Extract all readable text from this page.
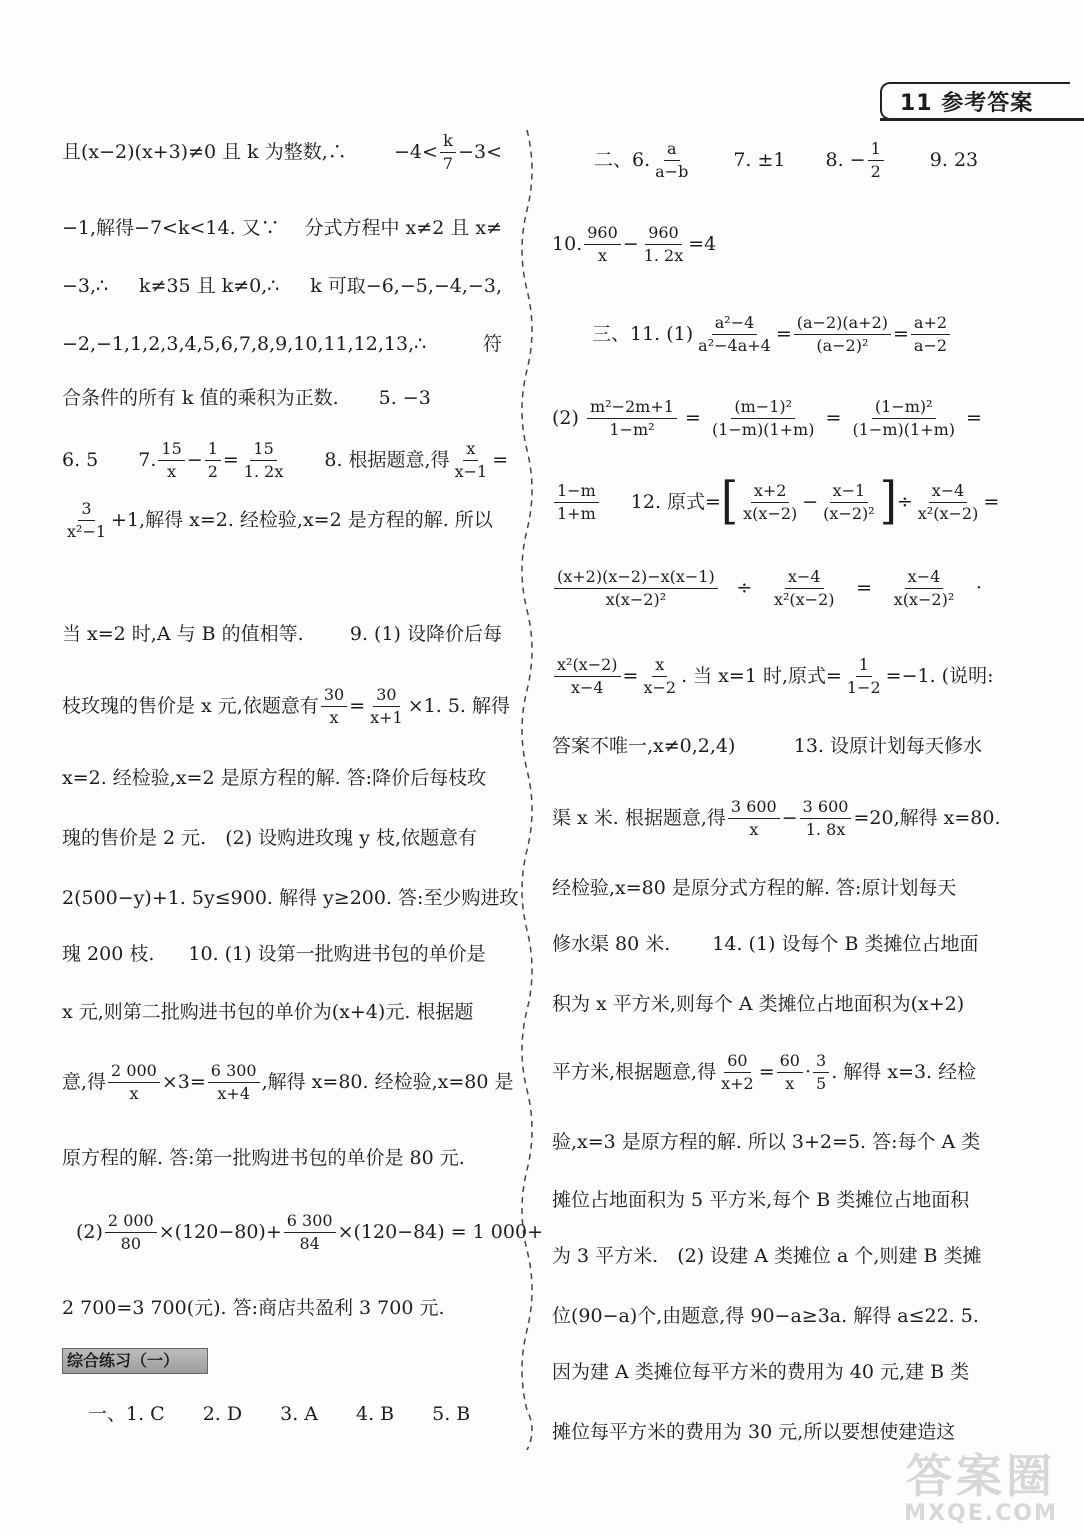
11 参考答案
且(x−2)(x+3)≠0 且 k 为整数,∴ $-4< \frac{k}{7} -3<$
−1,解得−7<k<14. 又∵ 分式方程中 x≠2 且 x≠
−3,∴ k≠35 且 k≠0,∴ k 可取−6,−5,−4,−3,
−2,−1,1,2,3,4,5,6,7,8,9,10,11,12,13,∴	符
合条件的所有 k 值的乘积为正数. 5. −3
6. 5 7. $\frac{15}{x} - \frac{1}{2} = \frac{15}{1. 2x} 8$. 根据题意,得 $\frac{x}{x-1}$ =
$\frac{3}{\text{x²−1}} +1$,解得 x=2. 经检验,x=2 是方程的解. 所以
当 x=2 时,A 与 B 的值相等. 9. (1) 设降价后每
枝玫瑰的售价是 x 元,依题意有 $\frac{30}{x} = \frac{30}{x+1} \times 1$. 5. 解得
x=2. 经检验,x=2 是原方程的解. 答:降价后每枝玫
瑰的售价是 2 元.　(2) 设购进玫瑰 y 枝,依题意有
2(500−y)+1. 5y≤900. 解得 y≥200. 答:至少购进玫
瑰 200 枝. 10. (1) 设第一批购进书包的单价是
x 元,则第二批购进书包的单价为(x+4)元. 根据题
意,得 $\frac{2 000}{x} \times 3= \frac{6 300}{x+4}$ ,解得 x=80. 经检验,x=80 是
原方程的解. 答:第一批购进书包的单价是 80 元.
$(2) \frac{2 000}{80} \times(120-80)+ \frac{6 300}{84} \times(120-84) = 1$ 000+
2 700=3 700(元). 答:商店共盈利 3 700 元.
综合练习（一）
一、1. C　　2. D　　3. A　　4. B　　5. B
二、6. $\frac{a}{a-b} 7$. ±1 8. − $\frac{1}{2} 9$. 23
10. $\frac{960}{x} - \frac{960}{1. 2x} =4$
三、11. $(1) \frac{\text{a²−4}}{\text{a²−4a+4}} = \frac{(a-2)(a+2)}{\text{(a−2)²}} = \frac{a+2}{a-2}$
$(2) \frac{\text{m²−2m+1}}{\text{1−m²}} = \frac{\text{(m−1)²}}{(1-m)(1+m)} = \frac{\text{(1−m)²}}{(1-m)(1+m)}$ =
$\frac{1-m}{1+m} 12$. 原式= [ $\frac{x+2}{x(x-2)} - \frac{x-1}{\text{(x−2)²}}$ ] ÷ $\frac{x-4}{\text{x²(x−2)}}$ =
$\frac{(x+2)(x-2)-x(x-1)}{\text{x(x−2)²}} \div \frac{x-4}{\text{x²(x−2)}} = \frac{x-4}{\text{x(x−2)²}}$ ·
$\frac{\text{x²(x−2)}}{x-4} = \frac{x}{x-2}$ . 当 x=1 时,原式= $\frac{1}{1-2} =-1$. (说明:
答案不唯一,x≠0,2,4)	13. 设原计划每天修水
渠 x 米. 根据题意,得 $\frac{3 600}{x} - \frac{3 600}{1. 8x} =20$,解得 x=80.
经检验,x=80 是原分式方程的解. 答:原计划每天
修水渠 80 米. 14. (1) 设每个 B 类摊位占地面
积为 x 平方米,则每个 A 类摊位占地面积为(x+2)
平方米,根据题意,得 $\frac{60}{x+2} = \frac{60}{x} \cdot \frac{3}{5}$ . 解得 x=3. 经检
验,x=3 是原方程的解. 所以 3+2=5. 答:每个 A 类
摊位占地面积为 5 平方米,每个 B 类摊位占地面积
为 3 平方米.　(2) 设建 A 类摊位 a 个,则建 B 类摊
位(90−a)个,由题意,得 90−a≥3a. 解得 a≤22. 5.
因为建 A 类摊位每平方米的费用为 40 元,建 B 类
摊位每平方米的费用为 30 元,所以要想使建造这
答案圈
MXQE.COM
